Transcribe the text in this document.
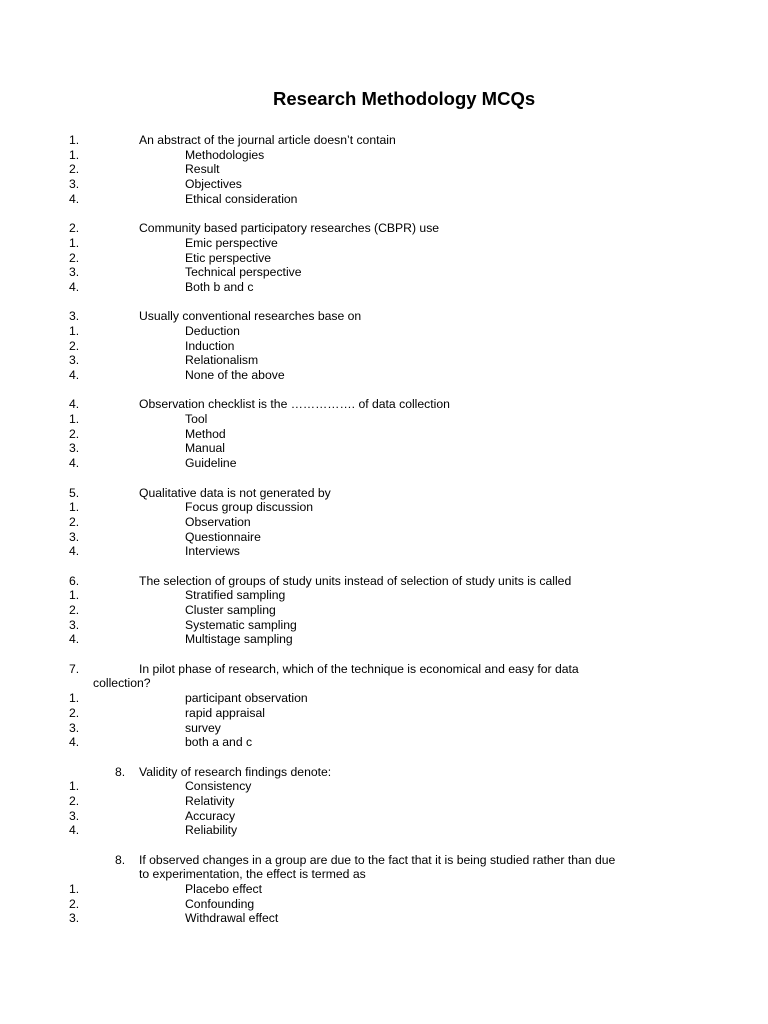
Research Methodology MCQs
1.	An abstract of the journal article doesn’t contain
1.	Methodologies
2.	Result
3.	Objectives
4.	Ethical consideration
2.	Community based participatory researches (CBPR) use
1.	Emic perspective
2.	Etic perspective
3.	Technical perspective
4.	Both b and c
3.	Usually conventional researches base on
1.	Deduction
2.	Induction
3.	Relationalism
4.	None of the above
4.	Observation checklist is the ……………. of data collection
1.	Tool
2.	Method
3.	Manual
4.	Guideline
5.	Qualitative data is not generated by
1.	Focus group discussion
2.	Observation
3.	Questionnaire
4.	Interviews
6.	The selection of groups of study units instead of selection of study units is called
1.	Stratified sampling
2.	Cluster sampling
3.	Systematic sampling
4.	Multistage sampling
7.	In pilot phase of research, which of the technique is economical and easy for data
collection?
1.	participant observation
2.	rapid appraisal
3.	survey
4.	both a and c
8. Validity of research findings denote:
1.	Consistency
2.	Relativity
3.	Accuracy
4.	Reliability
8. If observed changes in a group are due to the fact that it is being studied rather than due
to experimentation, the effect is termed as
1.	Placebo effect
2.	Confounding
3.	Withdrawal effect
